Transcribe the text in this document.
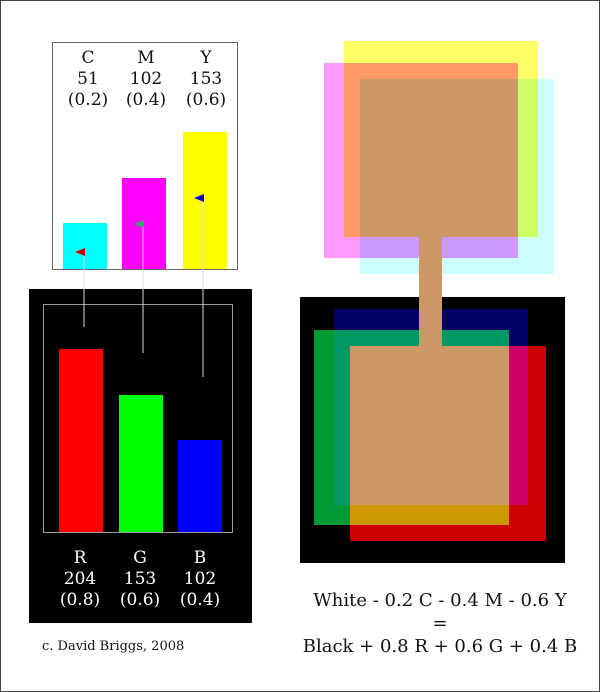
C
51
(0.2)
M
102
(0.4)
Y
153
(0.6)
R
204
(0.8)
G
153
(0.6)
B
102
(0.4)	White - 0.2 C - 0.4 M - 0.6 Y
=
Black + 0.8 R + 0.6 G + 0.4 B
c. David Briggs, 2008
